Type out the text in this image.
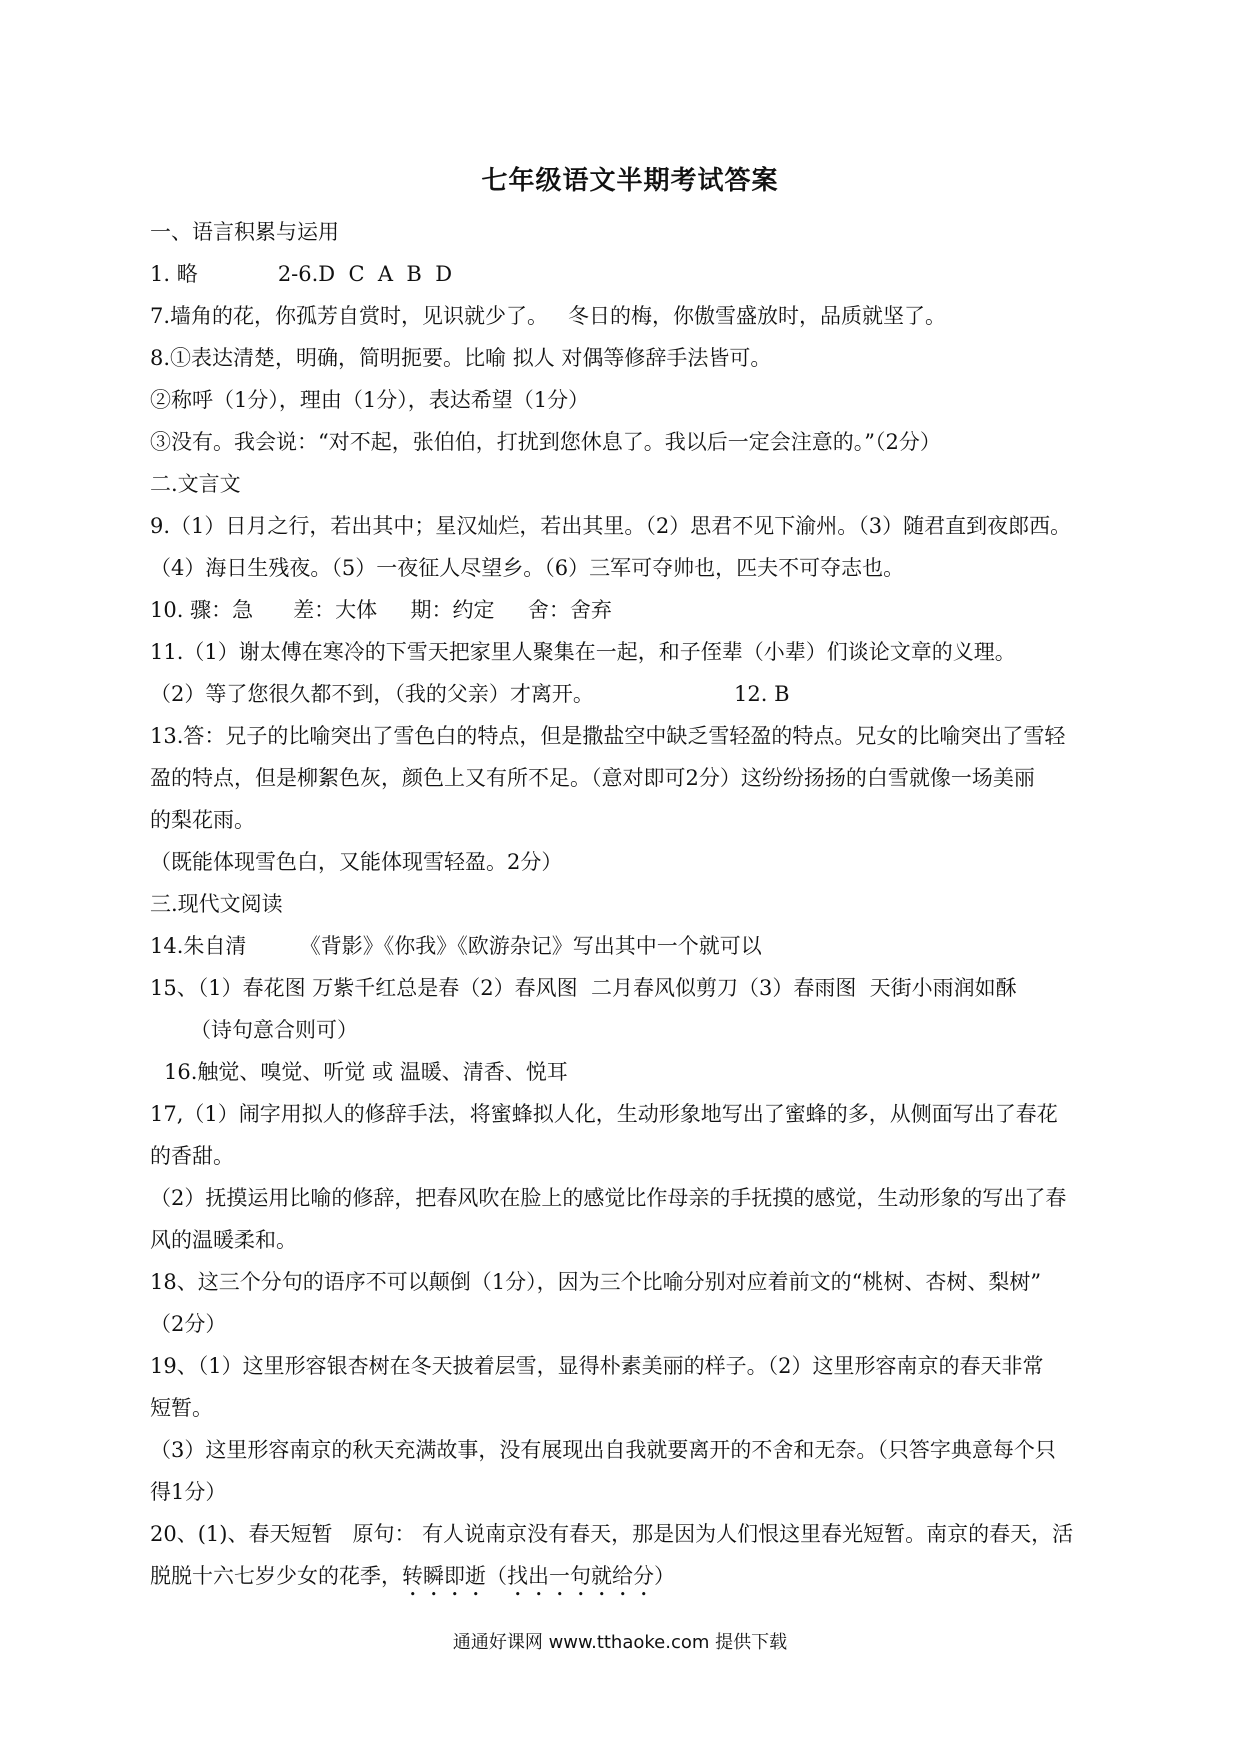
七年级语文半期考试答案

一、语言积累与运用

1. 略            2-6.D  C  A  B  D

7.墙角的花，你孤芳自赏时，见识就少了。   冬日的梅，你傲雪盛放时，品质就坚了。

8.①表达清楚，明确，简明扼要。比喻 拟人 对偶等修辞手法皆可。

②称呼（1分），理由（1分），表达希望（1分）

③没有。我会说：“对不起，张伯伯，打扰到您休息了。我以后一定会注意的。”（2分）

二.文言文

9.（1）日月之行，若出其中；星汉灿烂，若出其里。（2）思君不见下渝州。（3）随君直到夜郎西。

（4）海日生残夜。（5）一夜征人尽望乡。（6）三军可夺帅也，匹夫不可夺志也。

10. 骤：急      差：大体     期：约定     舍：舍弃

11.（1）谢太傅在寒冷的下雪天把家里人聚集在一起，和子侄辈（小辈）们谈论文章的义理。

（2）等了您很久都不到，（我的父亲）才离开。                     12. B

13.答：兄子的比喻突出了雪色白的特点，但是撒盐空中缺乏雪轻盈的特点。兄女的比喻突出了雪轻

盈的特点，但是柳絮色灰，颜色上又有所不足。（意对即可2分）这纷纷扬扬的白雪就像一场美丽

的梨花雨。

（既能体现雪色白，又能体现雪轻盈。2分）

三.现代文阅读

14.朱自清        《背影》《你我》《欧游杂记》写出其中一个就可以

15、（1）春花图 万紫千红总是春（2）春风图  二月春风似剪刀（3）春雨图  天街小雨润如酥

（诗句意合则可）

16.触觉、嗅觉、听觉 或 温暖、清香、悦耳

17,（1）闹字用拟人的修辞手法，将蜜蜂拟人化，生动形象地写出了蜜蜂的多，从侧面写出了春花

的香甜。

（2）抚摸运用比喻的修辞，把春风吹在脸上的感觉比作母亲的手抚摸的感觉，生动形象的写出了春

风的温暖柔和。

18、这三个分句的语序不可以颠倒（1分），因为三个比喻分别对应着前文的“桃树、杏树、梨树”

（2分）

19、（1）这里形容银杏树在冬天披着层雪，显得朴素美丽的样子。（2）这里形容南京的春天非常

短暂。

（3）这里形容南京的秋天充满故事，没有展现出自我就要离开的不舍和无奈。（只答字典意每个只

得1分）

20、(1)、春天短暂   原句： 有人说南京没有春天，那是因为人们恨这里春光短暂。南京的春天，活

脱脱十六七岁少女的花季，转瞬即逝（找出一句就给分）

通通好课网 www.tthaoke.com 提供下载
